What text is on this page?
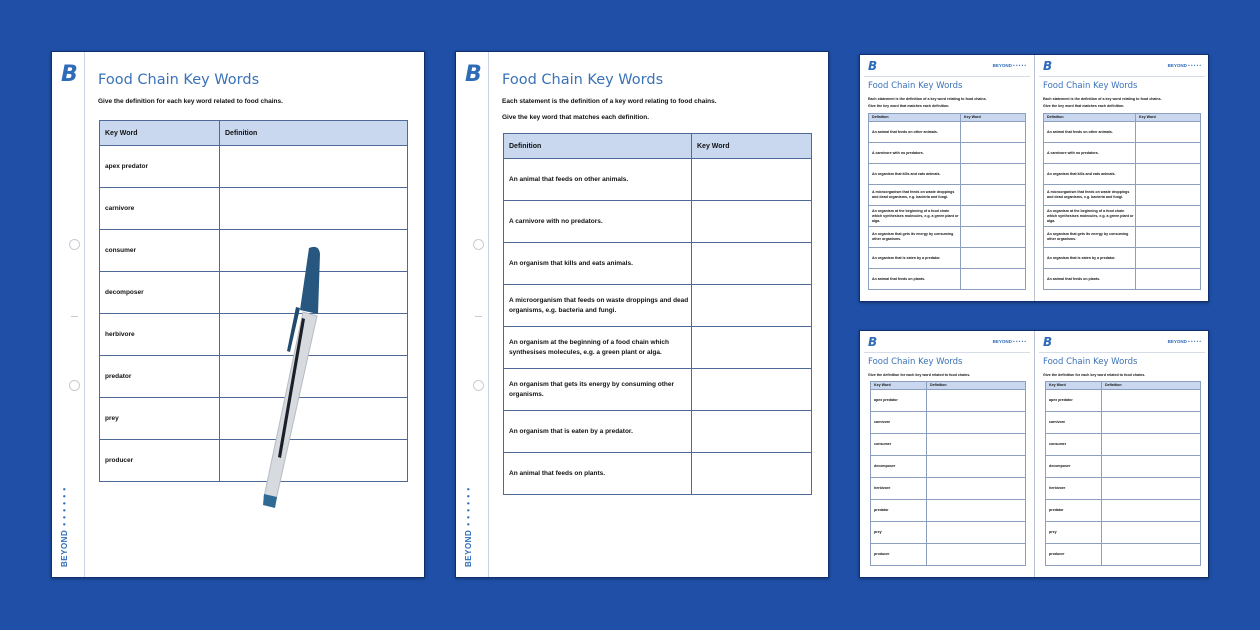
B
BEYOND• • • • • •
Food Chain Key Words
Give the definition for each key word related to food chains.
Key Word	Definition
apex predator	
carnivore	
consumer	
decomposer	
herbivore	
predator	
prey	
producer	
B
BEYOND• • • • • •
Food Chain Key Words
Each statement is the definition of a key word relating to food chains.
Give the key word that matches each definition.
Definition	Key Word
An animal that feeds on other animals.	
A carnivore with no predators.	
An organism that kills and eats animals.	
A microorganism that feeds on waste droppings and dead organisms, e.g. bacteria and fungi.	
An organism at the beginning of a food chain which synthesises molecules, e.g. a green plant or alga.	
An organism that gets its energy by consuming other organisms.	
An organism that is eaten by a predator.	
An animal that feeds on plants.	
B	BEYOND • • • • •
Food Chain Key Words
Each statement is the definition of a key word relating to food chains.
Give the key word that matches each definition.
Definition	Key Word
An animal that feeds on other animals.	
A carnivore with no predators.	
An organism that kills and eats animals.	
A microorganism that feeds on waste droppings and dead organisms, e.g. bacteria and fungi.	
An organism at the beginning of a food chain which synthesises molecules, e.g. a green plant or alga.	
An organism that gets its energy by consuming other organisms.	
An organism that is eaten by a predator.	
An animal that feeds on plants.	
B	BEYOND • • • • •
Food Chain Key Words
Each statement is the definition of a key word relating to food chains.
Give the key word that matches each definition.
Definition	Key Word
An animal that feeds on other animals.	
A carnivore with no predators.	
An organism that kills and eats animals.	
A microorganism that feeds on waste droppings and dead organisms, e.g. bacteria and fungi.	
An organism at the beginning of a food chain which synthesises molecules, e.g. a green plant or alga.	
An organism that gets its energy by consuming other organisms.	
An organism that is eaten by a predator.	
An animal that feeds on plants.	
B	BEYOND • • • • •
Food Chain Key Words
Give the definition for each key word related to food chains.
Key Word	Definition
apex predator	
carnivore	
consumer	
decomposer	
herbivore	
predator	
prey	
producer	
B	BEYOND • • • • •
Food Chain Key Words
Give the definition for each key word related to food chains.
Key Word	Definition
apex predator	
carnivore	
consumer	
decomposer	
herbivore	
predator	
prey	
producer	
